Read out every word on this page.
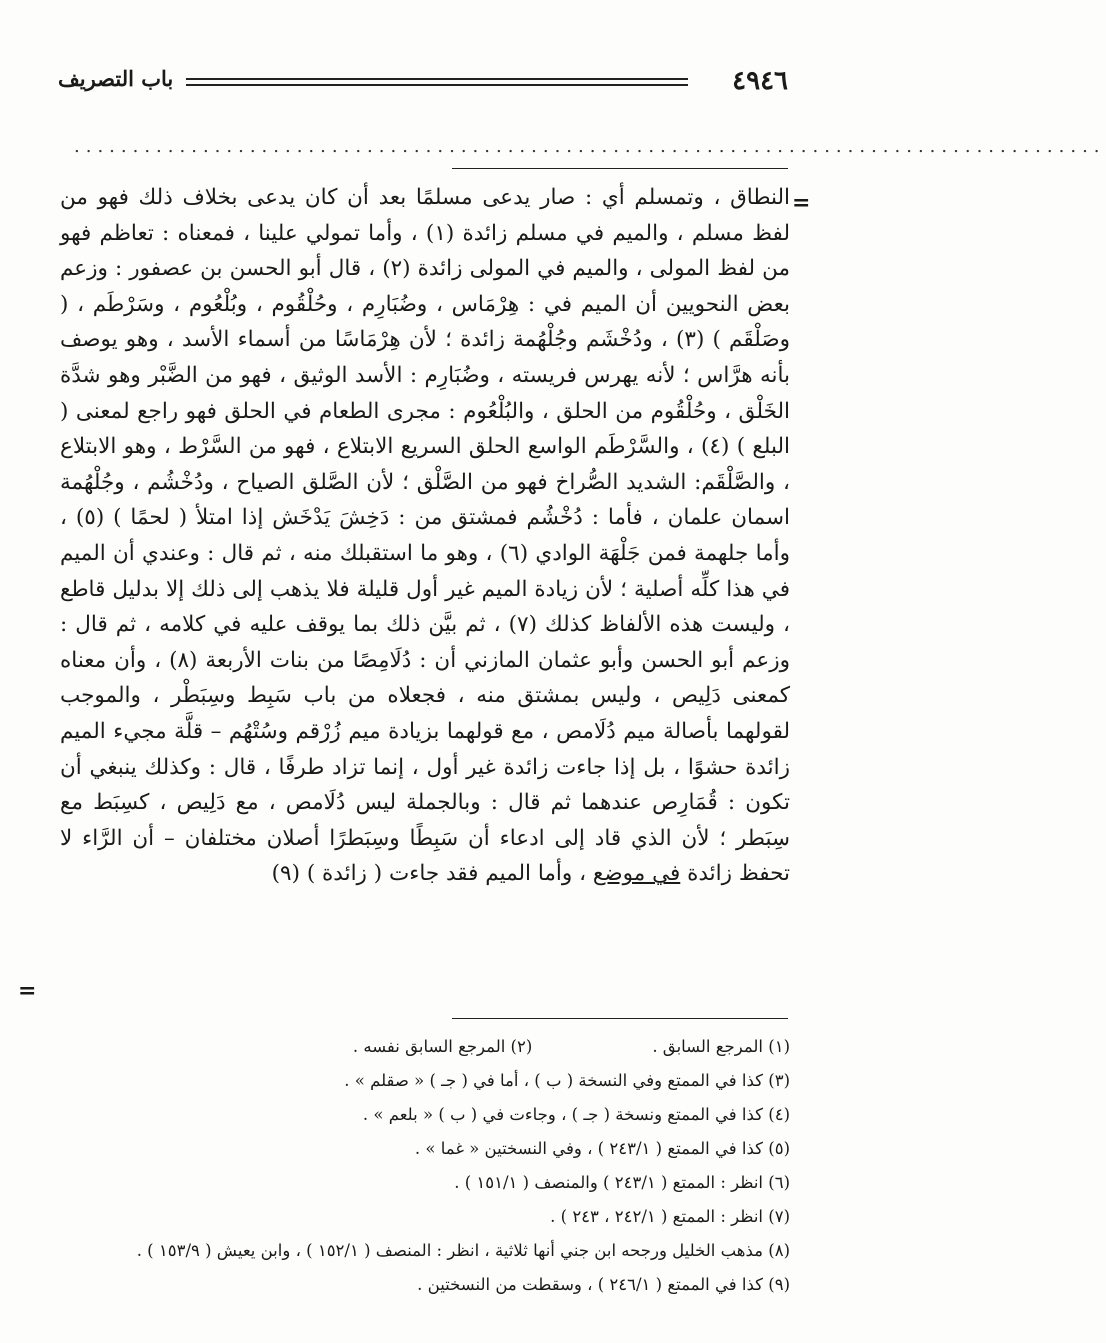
٤٩٤٦
باب التصريف
........................................................................................
=

النطاق ، وتمسلم أي : صار يدعى مسلمًا بعد أن كان يدعى بخلاف ذلك فهو من لفظ مسلم ، والميم في مسلم زائدة (١) ، وأما تمولي علينا ، فمعناه : تعاظم فهو من لفظ المولى ، والميم في المولى زائدة (٢) ، قال أبو الحسن بن عصفور : وزعم بعض النحويين أن الميم في : هِرْمَاس ، وضُبَارِم ، وحُلْقُوم ، وبُلْعُوم ، وسَرْطَم ، ( وصَلْقَم ) (٣) ، ودُخْشَم وجُلْهُمة زائدة ؛ لأن هِرْمَاسًا من أسماء الأسد ، وهو يوصف بأنه هرَّاس ؛ لأنه يهرس فريسته ، وضُبَارِم : الأسد الوثيق ، فهو من الضَّبْر وهو شدَّة الخَلْق ، وحُلْقُوم من الحلق ، والبُلْعُوم : مجرى الطعام في الحلق فهو راجع لمعنى ( البلع ) (٤) ، والسَّرْطَم الواسع الحلق السريع الابتلاع ، فهو من السَّرْط ، وهو الابتلاع ، والصَّلْقَم: الشديد الصُّراخ فهو من الصَّلْق ؛ لأن الصَّلق الصياح ، ودُخْشُم ، وجُلْهُمة اسمان علمان ، فأما : دُخْشُم فمشتق من : دَخِشَ يَدْخَش إذا امتلأ ( لحمًا ) (٥) ، وأما جلهمة فمن جَلْهَة الوادي (٦) ، وهو ما استقبلك منه ، ثم قال : وعندي أن الميم في هذا كلِّه أصلية ؛ لأن زيادة الميم غير أول قليلة فلا يذهب إلى ذلك إلا بدليل قاطع ، وليست هذه الألفاظ كذلك (٧) ، ثم بيَّن ذلك بما يوقف عليه في كلامه ، ثم قال : وزعم أبو الحسن وأبو عثمان المازني أن : دُلَامِصًا من بنات الأربعة (٨) ، وأن معناه كمعنى دَلِيص ، وليس بمشتق منه ، فجعلاه من باب سَبِط وسِبَطْر ، والموجب لقولهما بأصالة ميم دُلَامص ، مع قولهما بزيادة ميم زُرْقم وسُتْهُم – قلَّة مجيء الميم زائدة حشوًا ، بل إذا جاءت زائدة غير أول ، إنما تزاد طرفًا ، قال : وكذلك ينبغي أن تكون : قُمَارِص عندهما ثم قال : وبالجملة ليس دُلَامص ، مع دَلِيص ، كسِبَط مع سِبَطر ؛ لأن الذي قاد إلى ادعاء أن سَبِطًا وسِبَطرًا أصلان مختلفان – أن الرَّاء لا تحفظ زائدة في موضع ، وأما الميم فقد جاءت ( زائدة ) (٩)

=
(١) المرجع السابق .
(٢) المرجع السابق نفسه .
(٣) كذا في الممتع وفي النسخة ( ب ) ، أما في ( جـ ) « صقلم » .
(٤) كذا في الممتع ونسخة ( جـ ) ، وجاءت في ( ب ) « بلعم » .
(٥) كذا في الممتع ( ٢٤٣/١ ) ، وفي النسختين « غما » .
(٦) انظر : الممتع ( ٢٤٣/١ ) والمنصف ( ١٥١/١ ) .
(٧) انظر : الممتع ( ٢٤٢/١ ، ٢٤٣ ) .
(٨) مذهب الخليل ورجحه ابن جني أنها ثلاثية ، انظر : المنصف ( ١٥٢/١ ) ، وابن يعيش ( ١٥٣/٩ ) .
(٩) كذا في الممتع ( ٢٤٦/١ ) ، وسقطت من النسختين .
